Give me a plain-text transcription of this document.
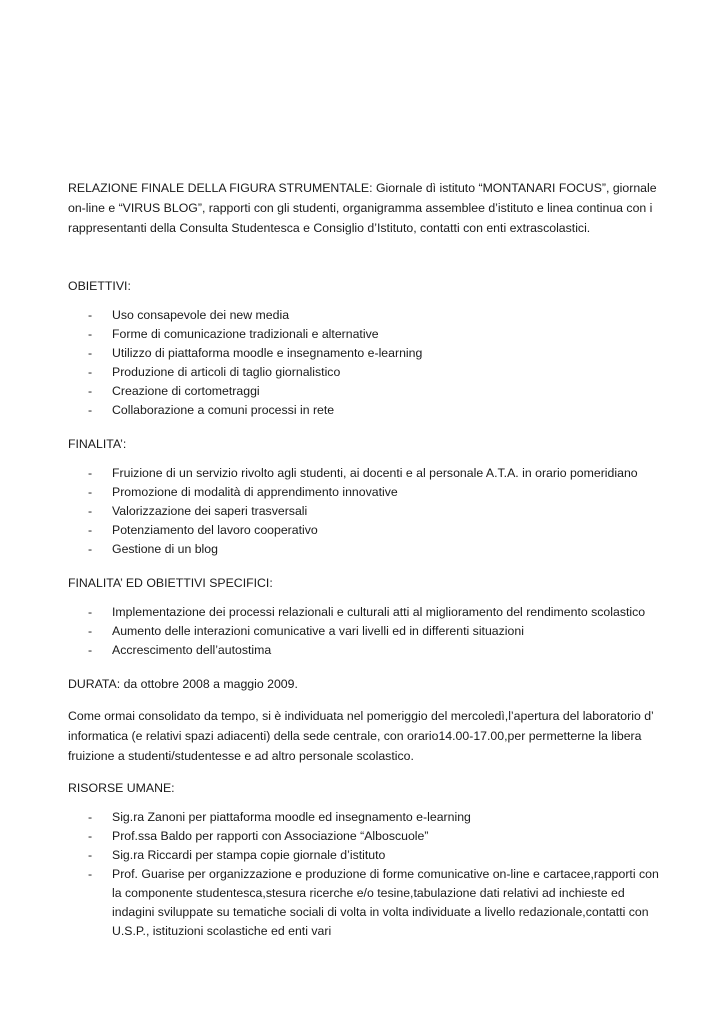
RELAZIONE FINALE DELLA FIGURA STRUMENTALE: Giornale dì istituto “MONTANARI FOCUS”, giornale on-line e “VIRUS BLOG”, rapporti con gli studenti, organigramma assemblee d’istituto e linea continua con i rappresentanti della Consulta Studentesca e Consiglio d’Istituto, contatti con enti extrascolastici.

OBIETTIVI:

- Uso consapevole dei new media
- Forme di comunicazione tradizionali e alternative
- Utilizzo di piattaforma moodle e insegnamento e-learning
- Produzione di articoli di taglio giornalistico
- Creazione di cortometraggi
- Collaborazione a comuni processi in rete

FINALITA’:

- Fruizione di un servizio rivolto agli studenti, ai docenti e al personale A.T.A. in orario pomeridiano
- Promozione di modalità di apprendimento innovative
- Valorizzazione dei saperi trasversali
- Potenziamento del lavoro cooperativo
- Gestione di un blog

FINALITA’ ED OBIETTIVI SPECIFICI:

- Implementazione dei processi relazionali e culturali atti al miglioramento del rendimento scolastico
- Aumento delle interazioni comunicative a vari livelli ed in differenti situazioni
- Accrescimento dell’autostima

DURATA: da ottobre 2008 a maggio 2009.

Come ormai consolidato da tempo, si è individuata nel pomeriggio del mercoledì,l’apertura del laboratorio d’ informatica (e relativi spazi adiacenti) della sede centrale, con orario14.00-17.00,per permetterne la libera fruizione a studenti/studentesse e ad altro personale scolastico.

RISORSE UMANE:

- Sig.ra Zanoni per piattaforma moodle ed insegnamento e-learning
- Prof.ssa Baldo per rapporti con Associazione “Alboscuole”
- Sig.ra Riccardi per stampa copie giornale d’istituto
- Prof. Guarise per organizzazione e produzione di forme comunicative on-line e cartacee,rapporti con la componente studentesca,stesura ricerche e/o tesine,tabulazione dati relativi ad inchieste ed indagini sviluppate su tematiche sociali di volta in volta individuate a livello redazionale,contatti con U.S.P., istituzioni scolastiche ed enti vari
